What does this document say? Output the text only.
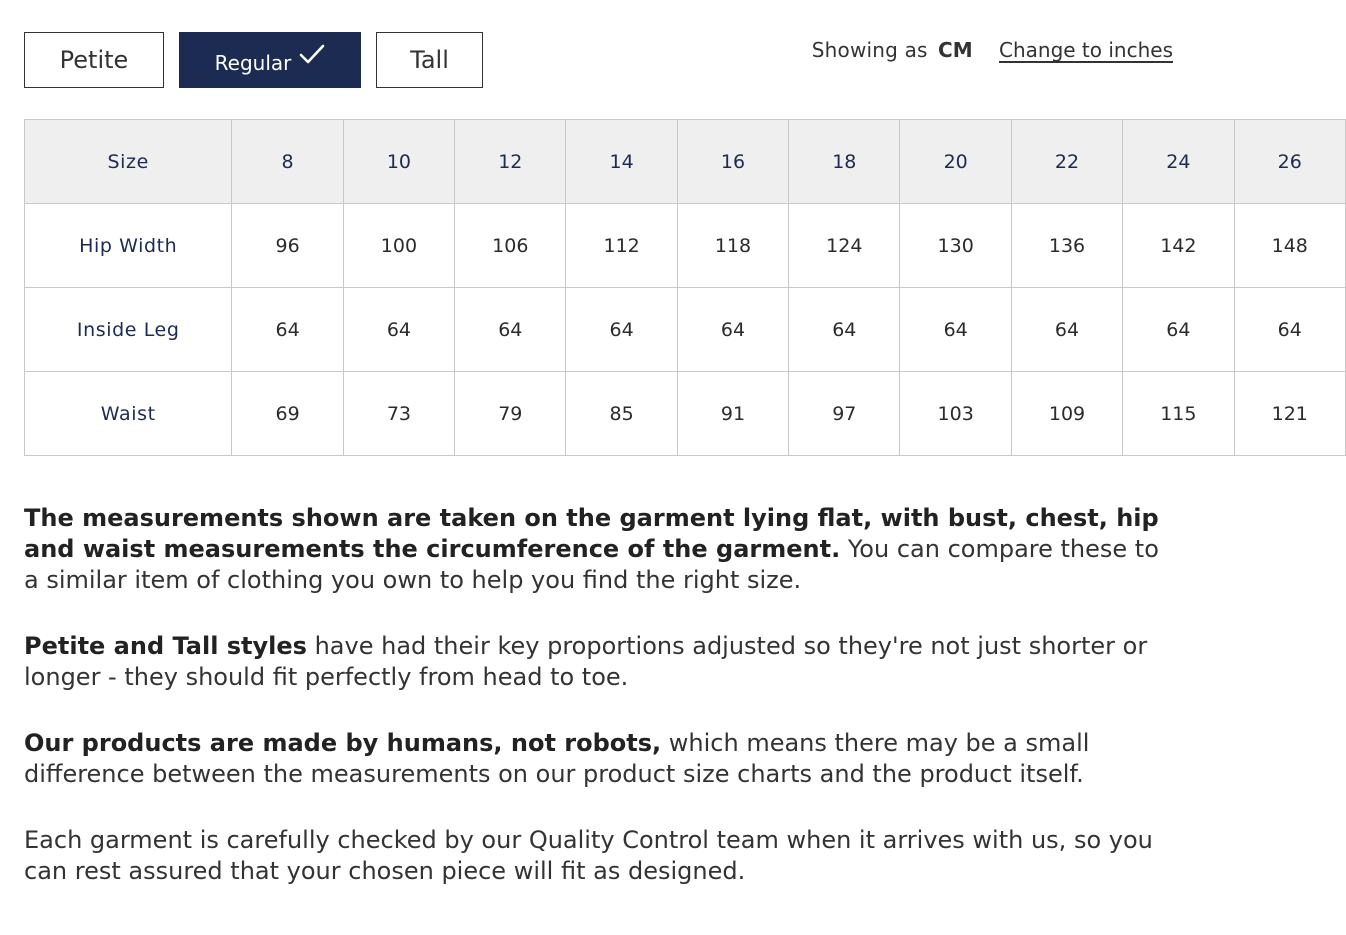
Petite	Regular	Tall	Showing as CM Change to inches
Size	8	10	12	14	16	18	20	22	24	26
Hip Width	96	100	106	112	118	124	130	136	142	148
Inside Leg	64	64	64	64	64	64	64	64	64	64
Waist	69	73	79	85	91	97	103	109	115	121

The measurements shown are taken on the garment lying flat, with bust, chest, hip and waist measurements the circumference of the garment. You can compare these to a similar item of clothing you own to help you find the right size.

Petite and Tall styles have had their key proportions adjusted so they're not just shorter or longer - they should fit perfectly from head to toe.

Our products are made by humans, not robots, which means there may be a small difference between the measurements on our product size charts and the product itself.

Each garment is carefully checked by our Quality Control team when it arrives with us, so you can rest assured that your chosen piece will fit as designed.
